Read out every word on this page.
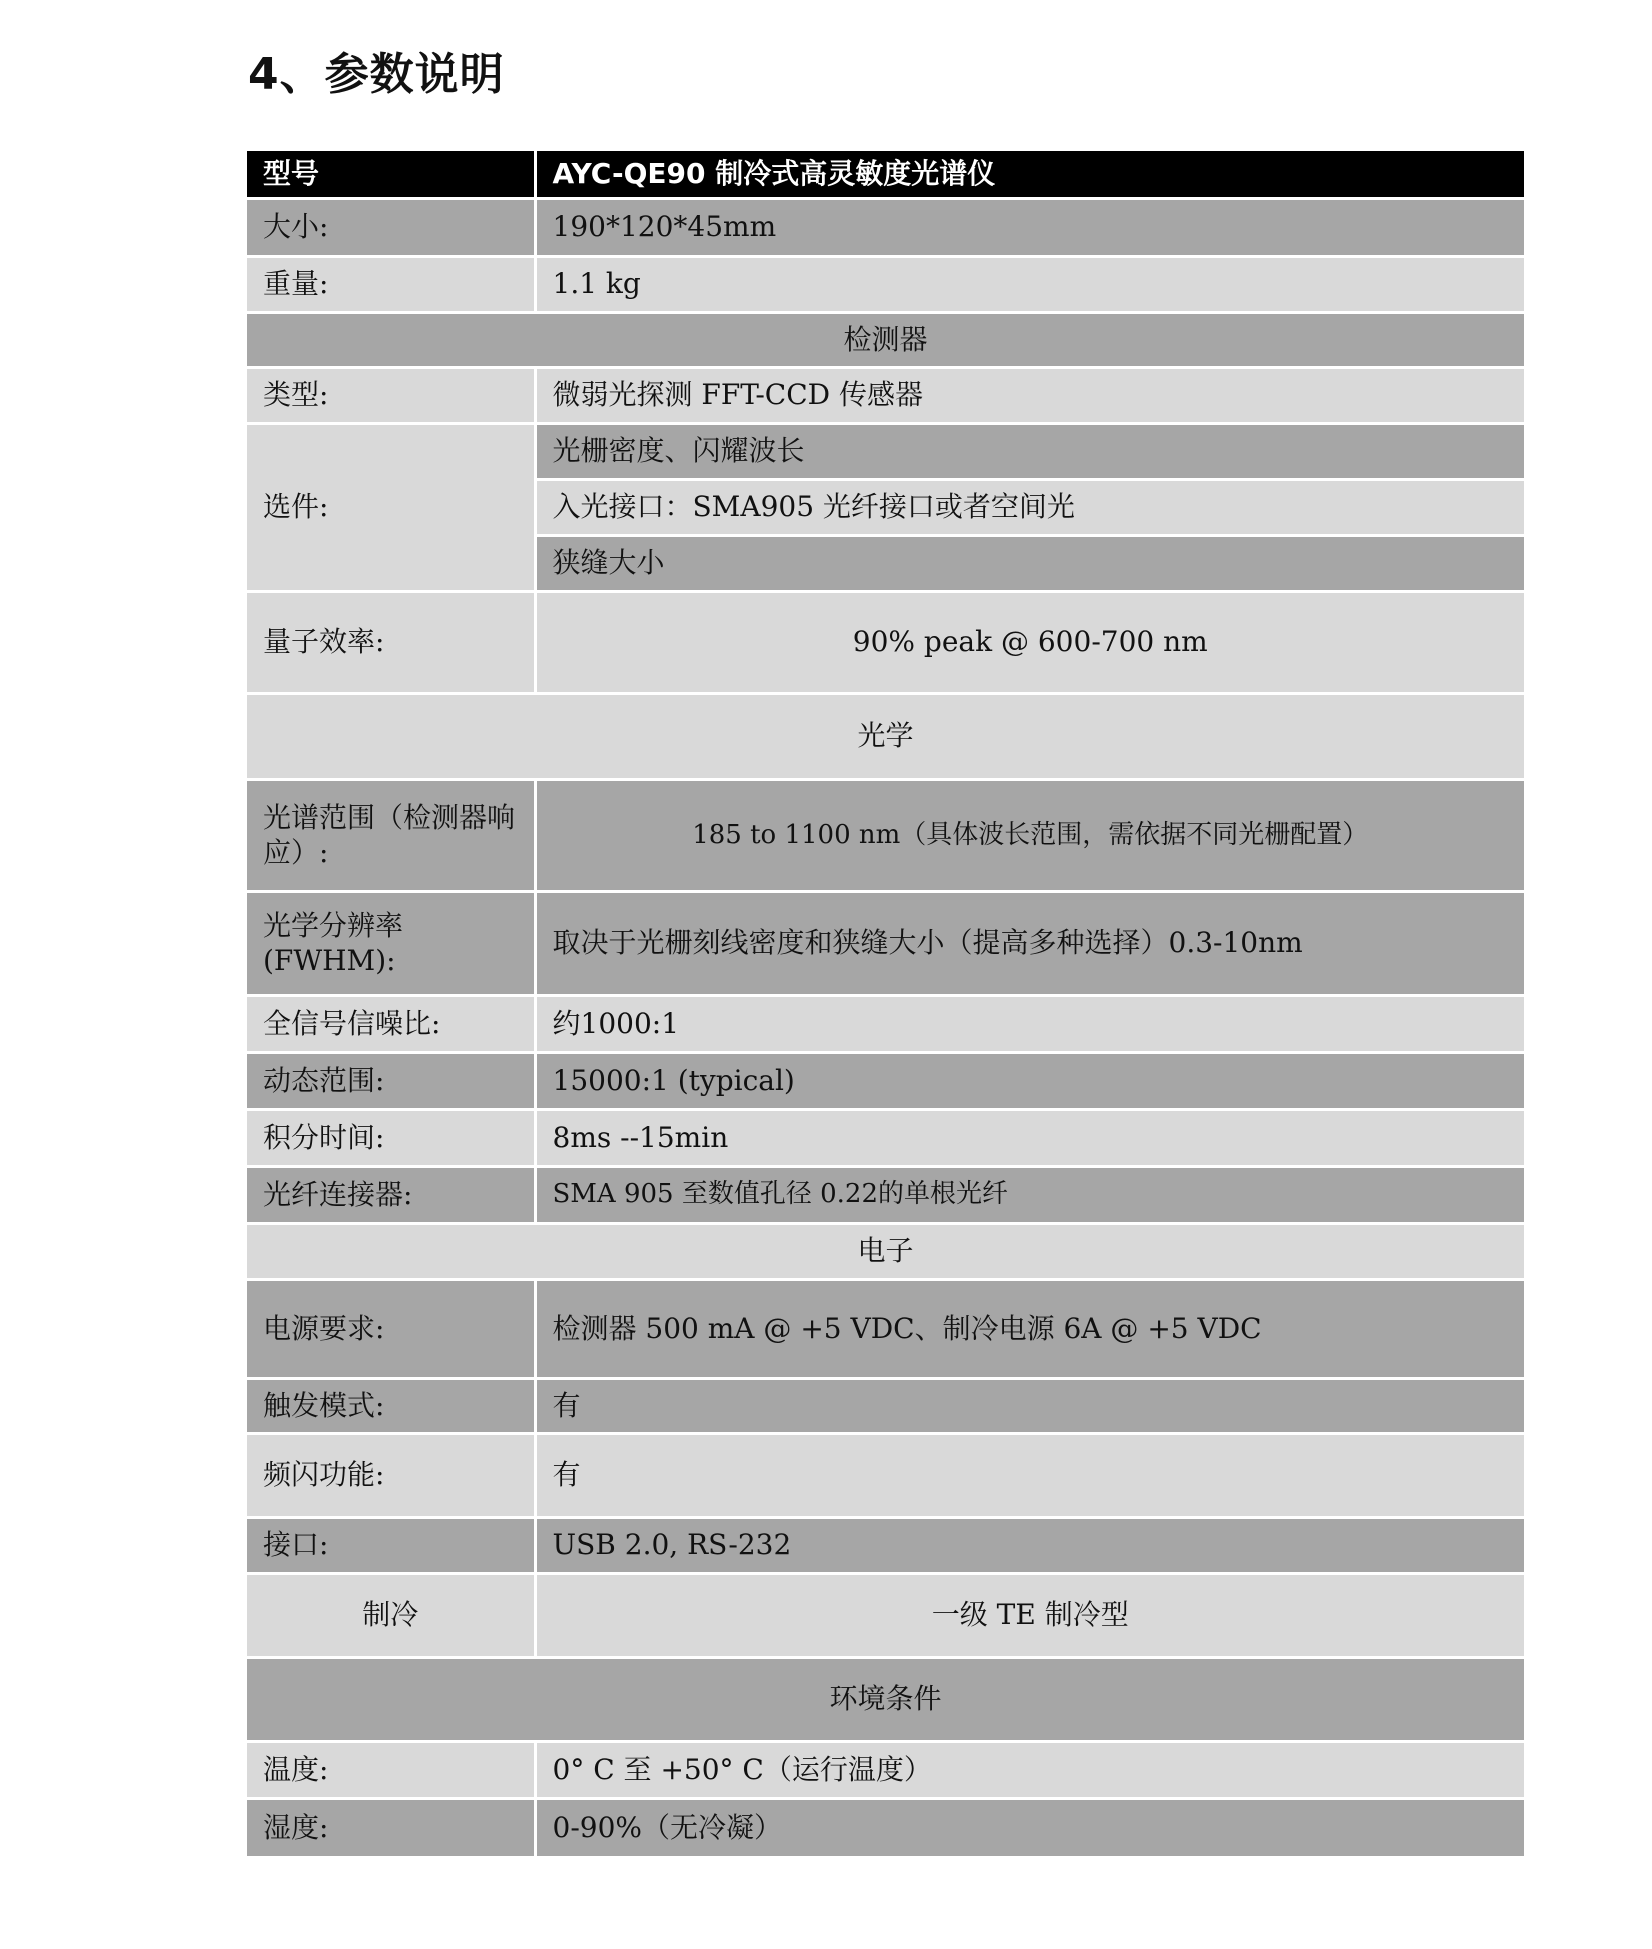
4、参数说明
型号	AYC-QE90 制冷式高灵敏度光谱仪
大小:	190*120*45mm
重量:	1.1 kg
检测器	
类型:	微弱光探测 FFT-CCD 传感器
选件:	光栅密度、闪耀波长
	入光接口：SMA905 光纤接口或者空间光
	狭缝大小
量子效率:	90% peak @ 600-700 nm
光学	
光谱范围（检测器响应）:	185 to 1100 nm（具体波长范围，需依据不同光栅配置）
光学分辨率(FWHM):	取决于光栅刻线密度和狭缝大小（提高多种选择）0.3-10nm
全信号信噪比:	约1000:1
动态范围:	15000:1 (typical)
积分时间:	8ms --15min
光纤连接器:	SMA 905 至数值孔径 0.22的单根光纤
电子	
电源要求:	检测器 500 mA @ +5 VDC、制冷电源 6A @ +5 VDC
触发模式:	有
频闪功能:	有
接口:	USB 2.0, RS-232
制冷	一级 TE 制冷型
环境条件	
温度:	0° C 至 +50° C（运行温度）
湿度:	0-90%（无冷凝）
